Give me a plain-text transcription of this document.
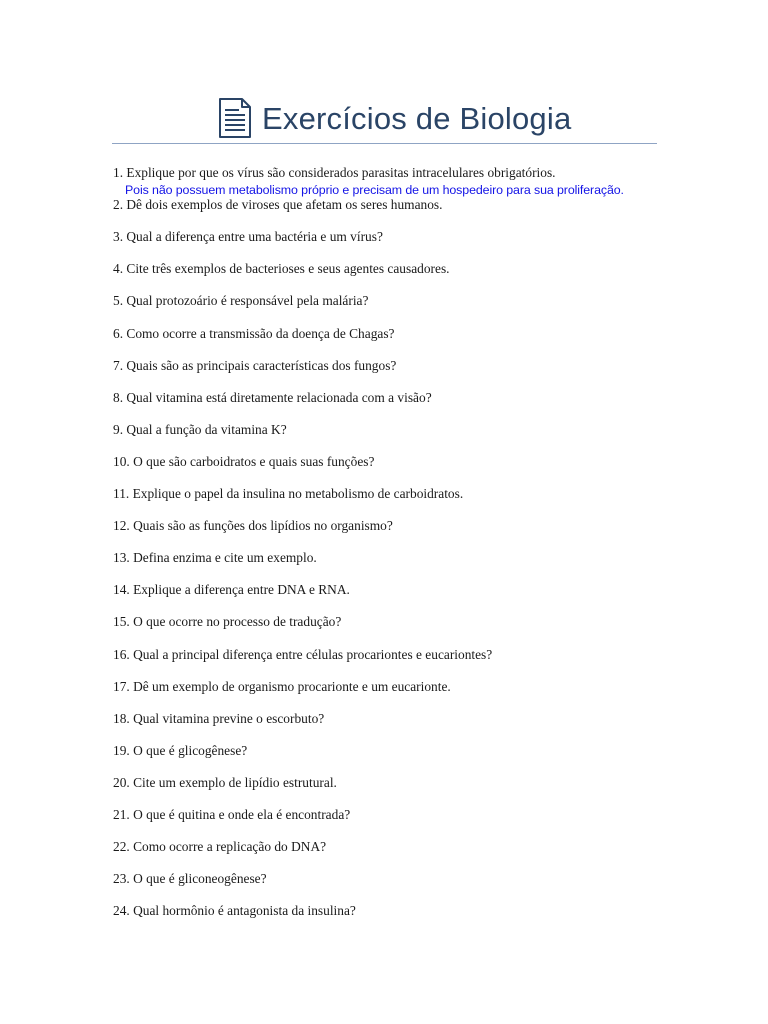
Exercícios de Biologia
1. Explique por que os vírus são considerados parasitas intracelulares obrigatórios.
2. Dê dois exemplos de viroses que afetam os seres humanos.
3. Qual a diferença entre uma bactéria e um vírus?
4. Cite três exemplos de bacterioses e seus agentes causadores.
5. Qual protozoário é responsável pela malária?
6. Como ocorre a transmissão da doença de Chagas?
7. Quais são as principais características dos fungos?
8. Qual vitamina está diretamente relacionada com a visão?
9. Qual a função da vitamina K?
10. O que são carboidratos e quais suas funções?
11. Explique o papel da insulina no metabolismo de carboidratos.
12. Quais são as funções dos lipídios no organismo?
13. Defina enzima e cite um exemplo.
14. Explique a diferença entre DNA e RNA.
15. O que ocorre no processo de tradução?
16. Qual a principal diferença entre células procariontes e eucariontes?
17. Dê um exemplo de organismo procarionte e um eucarionte.
18. Qual vitamina previne o escorbuto?
19. O que é glicogênese?
20. Cite um exemplo de lipídio estrutural.
21. O que é quitina e onde ela é encontrada?
22. Como ocorre a replicação do DNA?
23. O que é gliconeogênese?
24. Qual hormônio é antagonista da insulina?
Pois não possuem metabolismo próprio e precisam de um hospedeiro para sua proliferação.
